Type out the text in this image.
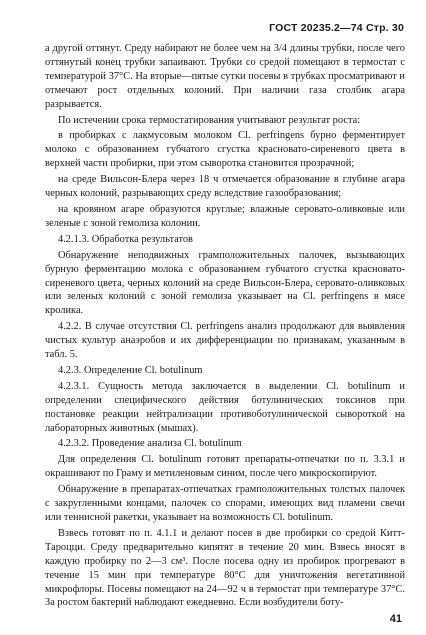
ГОСТ 20235.2—74 Стр. 30

а другой оттянут. Среду набирают не более чем на 3/4 длины трубки, после чего оттянутый конец трубки запаивают. Трубки со средой помещают в термостат с температурой 37°С. На вторые—пятые сутки посевы в трубках просматривают и отмечают рост отдельных колоний. При наличии газа столбик агара разрывается.

По истечении срока термостатирования учитывают результат роста:

в пробирках с лакмусовым молоком Cl. perfringens бурно ферментирует молоко с образованием губчатого сгустка красновато-сиреневого цвета в верхней части пробирки, при этом сыворотка становится прозрачной;

на среде Вильсон-Блера через 18 ч отмечается образование в глубине агара черных колоний, разрывающих среду вследствие газообразования;

на кровяном агаре образуются круглые; влажные серовато-оливковые или зеленые с зоной гемолиза колонии.

4.2.1.3. Обработка результатов

Обнаружение неподвижных грамположительных палочек, вызывающих бурную ферментацию молока с образованием губчатого сгустка красновато-сиреневого цвета, черных колоний на среде Вильсон-Блера, серовато-оливковых или зеленых колоний с зоной гемолиза указывает на Cl. perfringens в мясе кролика.

4.2.2. В случае отсутствия Cl. perfringens анализ продолжают для выявления чистых культур анаэробов и их дифференциации по признакам, указанным в табл. 5.

4.2.3. Определение Cl. botulinum

4.2.3.1. Сущность метода заключается в выделении Cl. botulinum и определении специфического действия ботулинических токсинов при постановке реакции нейтрализации противоботулинической сывороткой на лабораторных животных (мышах).

4.2.3.2. Проведение анализа Cl. botulinum

Для определения Cl. botulinum готовят препараты-отпечатки по п. 3.3.1 и окрашивают по Граму и метиленовым синим, после чего микроскопируют.

Обнаружение в препаратах-отпечатках грамположительных толстых палочек с закругленными концами, палочек со спорами, имеющих вид пламени свечи или теннисной ракетки, указывает на возможность Cl. botulinum.

Взвесь готовят по п. 4.1.1 и делают посев в две пробирки со средой Китт-Тароцци. Среду предварительно кипятят в течение 20 мин. Взвесь вносят в каждую пробирку по 2—3 см³. После посева одну из пробирок прогревают в течение 15 мин при температуре 80°С для уничтожения вегетативной микрофлоры. Посевы помещают на 24—92 ч в термостат при температуре 37°С. За ростом бактерий наблюдают ежедневно. Если возбудители боту-

41
